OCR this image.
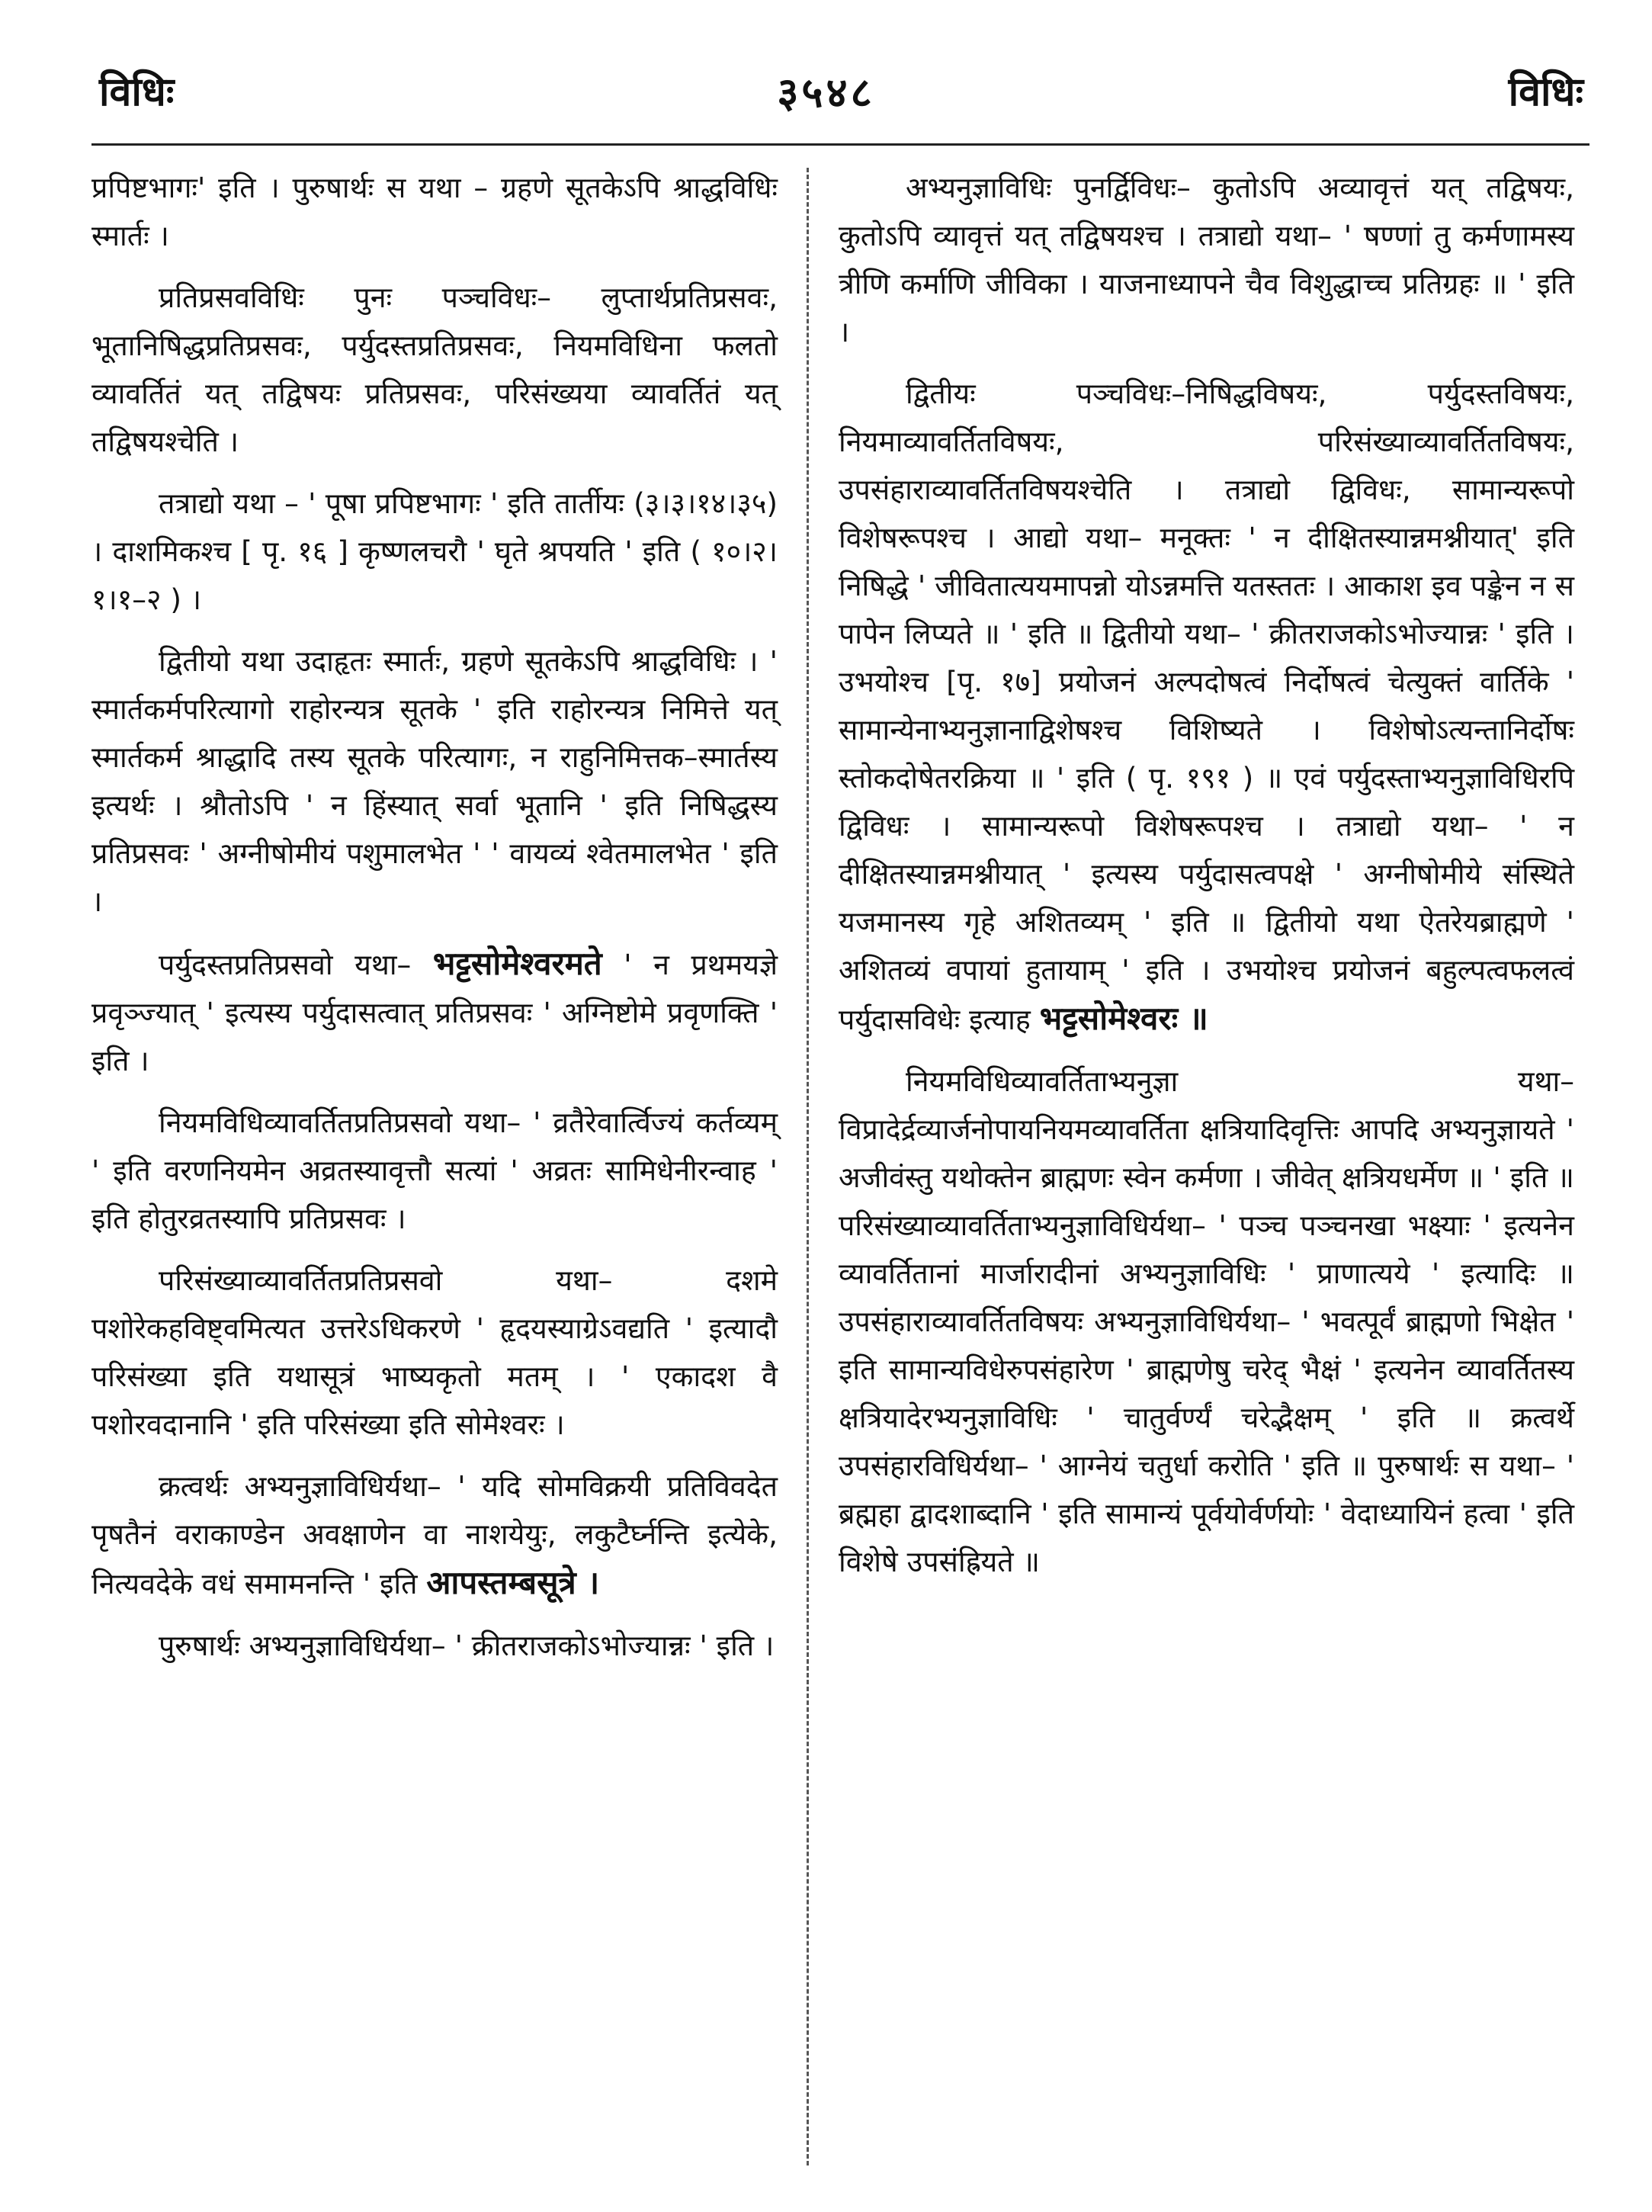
विधिः	३५४८	विधिः

प्रपिष्टभागः' इति । पुरुषार्थः स यथा – ग्रहणे सूतकेऽपि श्राद्धविधिः स्मार्तः ।

प्रतिप्रसवविधिः पुनः पञ्चविधः– लुप्तार्थप्रतिप्रसवः, भूतानिषिद्धप्रतिप्रसवः, पर्युदस्तप्रतिप्रसवः, नियमविधिना फलतो व्यावर्तितं यत् तद्विषयः प्रतिप्रसवः, परिसंख्यया व्यावर्तितं यत् तद्विषयश्चेति ।

तत्राद्यो यथा – ' पूषा प्रपिष्टभागः ' इति तार्तीयः (३।३।१४।३५) । दाशमिकश्च [ पृ. १६ ] कृष्णलचरौ ' घृते श्रपयति ' इति ( १०।२।१।१–२ ) ।

द्वितीयो यथा उदाहृतः स्मार्तः, ग्रहणे सूतकेऽपि श्राद्धविधिः । ' स्मार्तकर्मपरित्यागो राहोरन्यत्र सूतके ' इति राहोरन्यत्र निमित्ते यत् स्मार्तकर्म श्राद्धादि तस्य सूतके परित्यागः, न राहुनिमित्तक–स्मार्तस्य इत्यर्थः । श्रौतोऽपि ' न हिंस्यात् सर्वा भूतानि ' इति निषिद्धस्य प्रतिप्रसवः ' अग्नीषोमीयं पशुमालभेत ' ' वायव्यं श्वेतमालभेत ' इति ।

पर्युदस्तप्रतिप्रसवो यथा– भट्टसोमेश्वरमते ' न प्रथमयज्ञे प्रवृञ्ज्यात् ' इत्यस्य पर्युदासत्वात् प्रतिप्रसवः ' अग्निष्टोमे प्रवृणक्ति ' इति ।

नियमविधिव्यावर्तितप्रतिप्रसवो यथा– ' व्रतैरेवार्त्विज्यं कर्तव्यम् ' इति वरणनियमेन अव्रतस्यावृत्तौ सत्यां ' अव्रतः सामिधेनीरन्वाह ' इति होतुरव्रतस्यापि प्रतिप्रसवः ।

परिसंख्याव्यावर्तितप्रतिप्रसवो यथा– दशमे पशोरेकहविष्ट्वमित्यत उत्तरेऽधिकरणे ' हृदयस्याग्रेऽवद्यति ' इत्यादौ परिसंख्या इति यथासूत्रं भाष्यकृतो मतम् । ' एकादश वै पशोरवदानानि ' इति परिसंख्या इति सोमेश्वरः ।

क्रत्वर्थः अभ्यनुज्ञाविधिर्यथा– ' यदि सोमविक्रयी प्रतिविवदेत पृषतैनं वराकाण्डेन अवक्षाणेन वा नाशयेयुः, लकुटैर्घ्नन्ति इत्येके, नित्यवदेके वधं समामनन्ति ' इति आपस्तम्बसूत्रे ।

पुरुषार्थः अभ्यनुज्ञाविधिर्यथा– ' क्रीतराजकोऽभोज्यान्नः ' इति ।

अभ्यनुज्ञाविधिः पुनर्द्विविधः– कुतोऽपि अव्यावृत्तं यत् तद्विषयः, कुतोऽपि व्यावृत्तं यत् तद्विषयश्च । तत्राद्यो यथा– ' षण्णां तु कर्मणामस्य त्रीणि कर्माणि जीविका । याजनाध्यापने चैव विशुद्धाच्च प्रतिग्रहः ॥ ' इति ।

द्वितीयः पञ्चविधः–निषिद्धविषयः, पर्युदस्तविषयः, नियमाव्यावर्तितविषयः, परिसंख्याव्यावर्तितविषयः, उपसंहाराव्यावर्तितविषयश्चेति । तत्राद्यो द्विविधः, सामान्यरूपो विशेषरूपश्च । आद्यो यथा– मनूक्तः ' न दीक्षितस्यान्नमश्नीयात्' इति निषिद्धे ' जीवितात्ययमापन्नो योऽन्नमत्ति यतस्ततः । आकाश इव पङ्केन न स पापेन लिप्यते ॥ ' इति ॥ द्वितीयो यथा– ' क्रीतराजकोऽभोज्यान्नः ' इति । उभयोश्च [पृ. १७] प्रयोजनं अल्पदोषत्वं निर्दोषत्वं चेत्युक्तं वार्तिके ' सामान्येनाभ्यनुज्ञानाद्विशेषश्च विशिष्यते । विशेषोऽत्यन्तानिर्दोषः स्तोकदोषेतरक्रिया ॥ ' इति ( पृ. १९१ ) ॥ एवं पर्युदस्ताभ्यनुज्ञाविधिरपि द्विविधः । सामान्यरूपो विशेषरूपश्च । तत्राद्यो यथा– ' न दीक्षितस्यान्नमश्नीयात् ' इत्यस्य पर्युदासत्वपक्षे ' अग्नीषोमीये संस्थिते यजमानस्य गृहे अशितव्यम् ' इति ॥ द्वितीयो यथा ऐतरेयब्राह्मणे ' अशितव्यं वपायां हुतायाम् ' इति । उभयोश्च प्रयोजनं बहुल्पत्वफलत्वं पर्युदासविधेः इत्याह भट्टसोमेश्वरः ॥

नियमविधिव्यावर्तिताभ्यनुज्ञा यथा– विप्रादेर्द्रव्यार्जनोपायनियमव्यावर्तिता क्षत्रियादिवृत्तिः आपदि अभ्यनुज्ञायते ' अजीवंस्तु यथोक्तेन ब्राह्मणः स्वेन कर्मणा । जीवेत् क्षत्रियधर्मेण ॥ ' इति ॥ परिसंख्याव्यावर्तिताभ्यनुज्ञाविधिर्यथा– ' पञ्च पञ्चनखा भक्ष्याः ' इत्यनेन व्यावर्तितानां मार्जारादीनां अभ्यनुज्ञाविधिः ' प्राणात्यये ' इत्यादिः ॥ उपसंहाराव्यावर्तितविषयः अभ्यनुज्ञाविधिर्यथा– ' भवत्पूर्वं ब्राह्मणो भिक्षेत ' इति सामान्यविधेरुपसंहारेण ' ब्राह्मणेषु चरेद् भैक्षं ' इत्यनेन व्यावर्तितस्य क्षत्रियादेरभ्यनुज्ञाविधिः ' चातुर्वर्ण्यं चरेद्भैक्षम् ' इति ॥ क्रत्वर्थे उपसंहारविधिर्यथा– ' आग्नेयं चतुर्धा करोति ' इति ॥ पुरुषार्थः स यथा– ' ब्रह्महा द्वादशाब्दानि ' इति सामान्यं पूर्वयोर्वर्णयोः ' वेदाध्यायिनं हत्वा ' इति विशेषे उपसंह्रियते ॥
